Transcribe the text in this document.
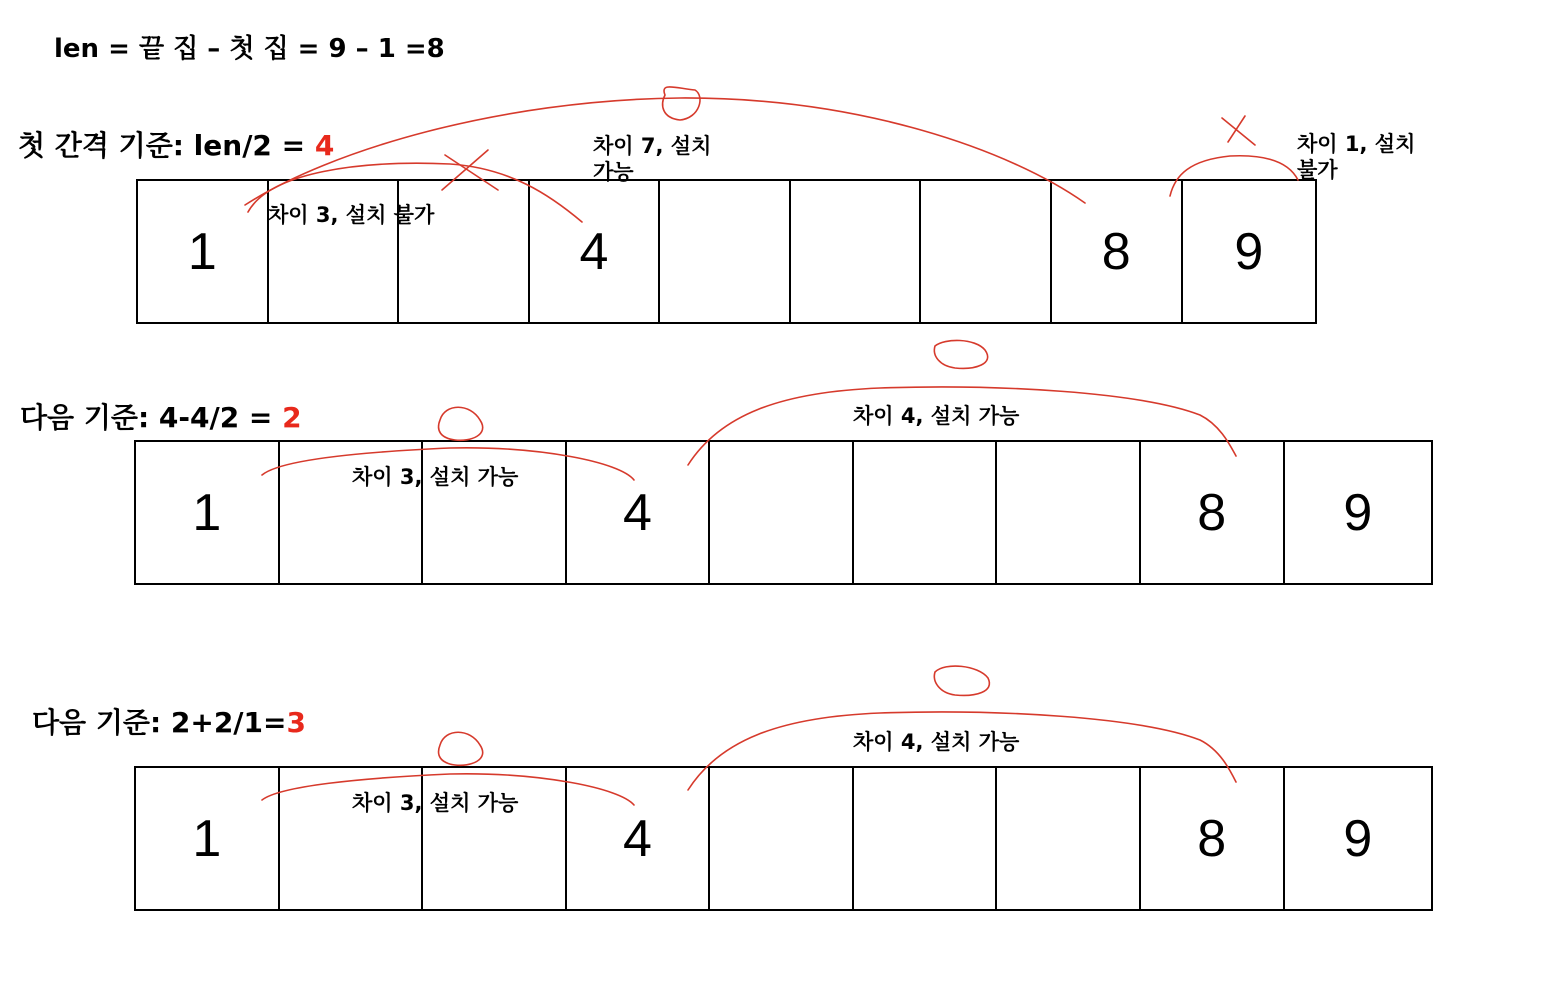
len = 끝 집 – 첫 집 = 9 – 1 =8
첫 간격 기준: len/2 = 4
1	4	8	9
다음 기준: 4-4/2 = 2
1	4	8	9
다음 기준: 2+2/1=3
1	4	8	9
차이 3, 설치 불가
차이 7, 설치 가능
차이 1, 설치 불가
차이 3, 설치 가능
차이 4, 설치 가능
차이 3, 설치 가능
차이 4, 설치 가능
